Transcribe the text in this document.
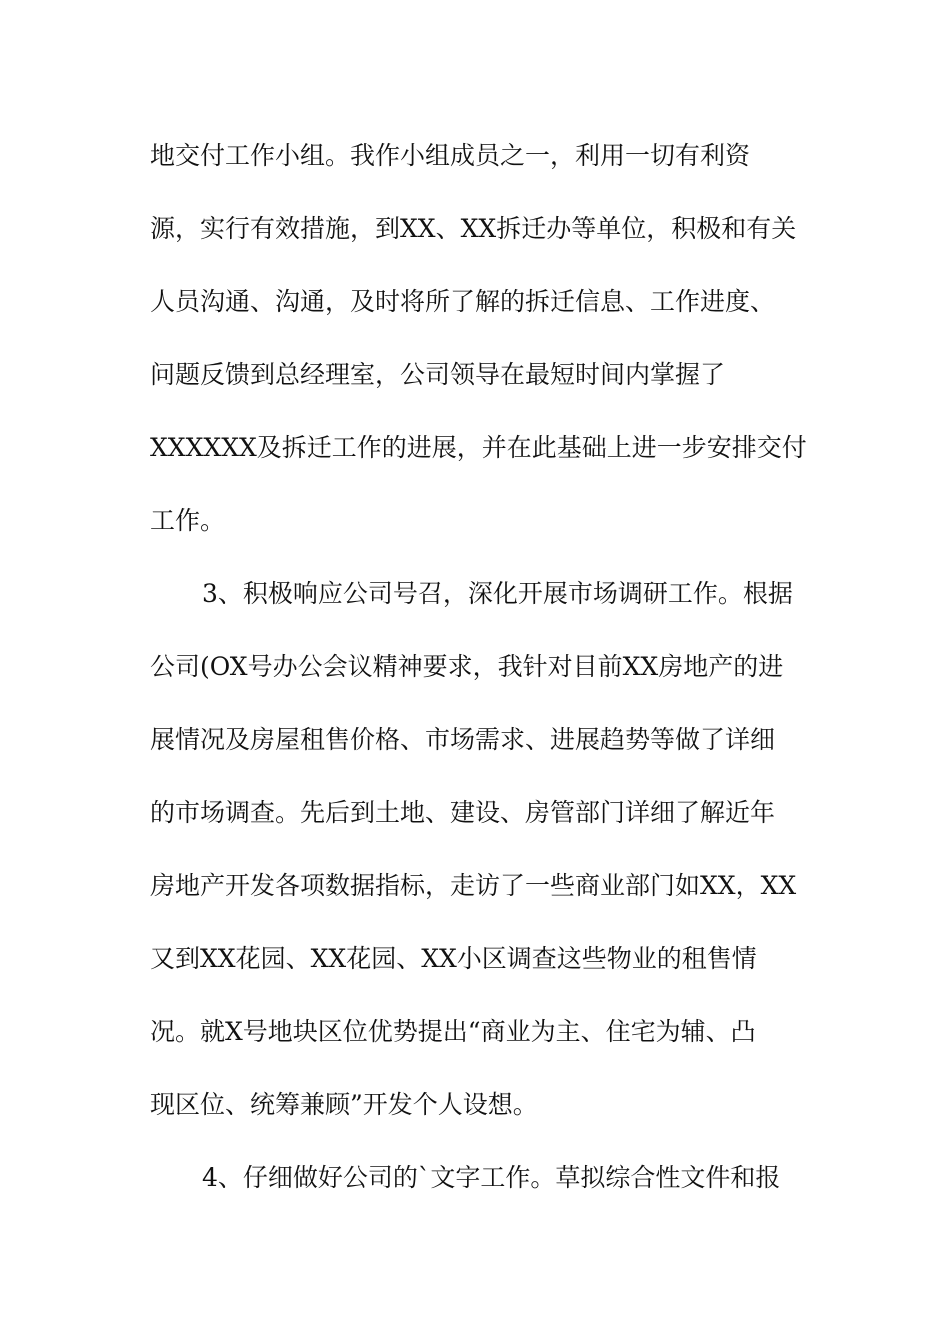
地交付工作小组。我作小组成员之一，利用一切有利资
源，实行有效措施，到XX、XX拆迁办等单位，积极和有关
人员沟通、沟通，及时将所了解的拆迁信息、工作进度、
问题反馈到总经理室，公司领导在最短时间内掌握了
XXXXXX及拆迁工作的进展，并在此基础上进一步安排交付
工作。
3、积极响应公司号召，深化开展市场调研工作。根据
公司(OX号办公会议精神要求，我针对目前XX房地产的进
展情况及房屋租售价格、市场需求、进展趋势等做了详细
的市场调查。先后到土地、建设、房管部门详细了解近年
房地产开发各项数据指标，走访了一些商业部门如XX，XX
又到XX花园、XX花园、XX小区调查这些物业的租售情
况。就X号地块区位优势提出“商业为主、住宅为辅、凸
现区位、统筹兼顾”开发个人设想。
4、仔细做好公司的`文字工作。草拟综合性文件和报
